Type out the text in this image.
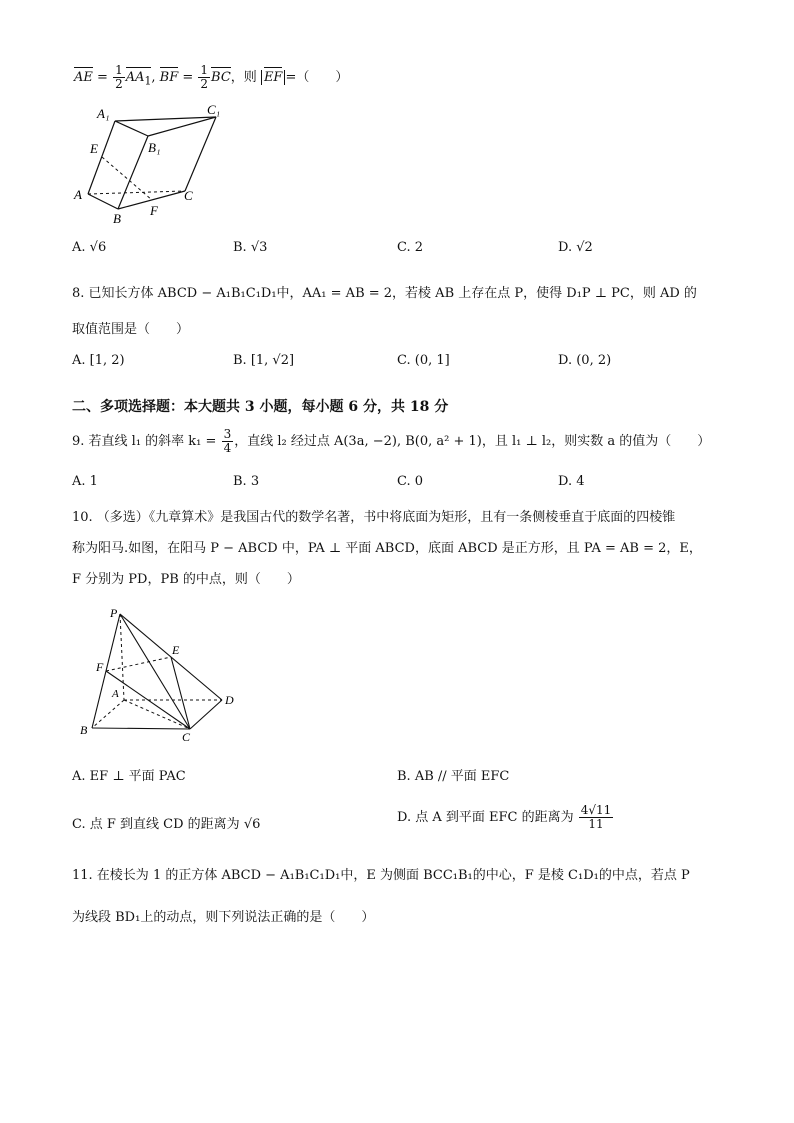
AE = $\frac{1}{2} AA_1$, BF = $\frac{1}{2}$ BC，则 EF =（　　）
A₁	C₁
B₁
E
A
B
F
C
A. √6	B. √3	C. 2	D. √2
8. 已知长方体 ABCD − A₁B₁C₁D₁中，AA₁ = AB = 2，若棱 AB 上存在点 P，使得 D₁P ⊥ PC，则 AD 的
取值范围是（　　）
A. [1, 2)	B. [1, √2]	C. (0, 1]	D. (0, 2)
二、多项选择题：本大题共 3 小题，每小题 6 分，共 18 分
9. 若直线 l₁ 的斜率 $k_1 = \frac{3}{4}$ ，直线 l₂ 经过点 A(3a, −2), B(0, a² + 1)，且 l₁ ⊥ l₂，则实数 a 的值为（　　）
A. 1	B. 3	C. 0	D. 4
10. （多选）《九章算术》是我国古代的数学名著，书中将底面为矩形，且有一条侧棱垂直于底面的四棱锥
称为阳马.如图，在阳马 P − ABCD 中，PA ⊥ 平面 ABCD，底面 ABCD 是正方形，且 PA = AB = 2，E，
F 分别为 PD，PB 的中点，则（　　）
P
F
E
A	D
B	C
A. EF ⊥ 平面 PAC	B. AB // 平面 EFC
C. 点 F 到直线 CD 的距离为 √6	D. 点 A 到平面 EFC 的距离为 $\frac{4√11}{11}$
11. 在棱长为 1 的正方体 ABCD − A₁B₁C₁D₁中，E 为侧面 BCC₁B₁的中心，F 是棱 C₁D₁的中点，若点 P
为线段 BD₁上的动点，则下列说法正确的是（　　）
